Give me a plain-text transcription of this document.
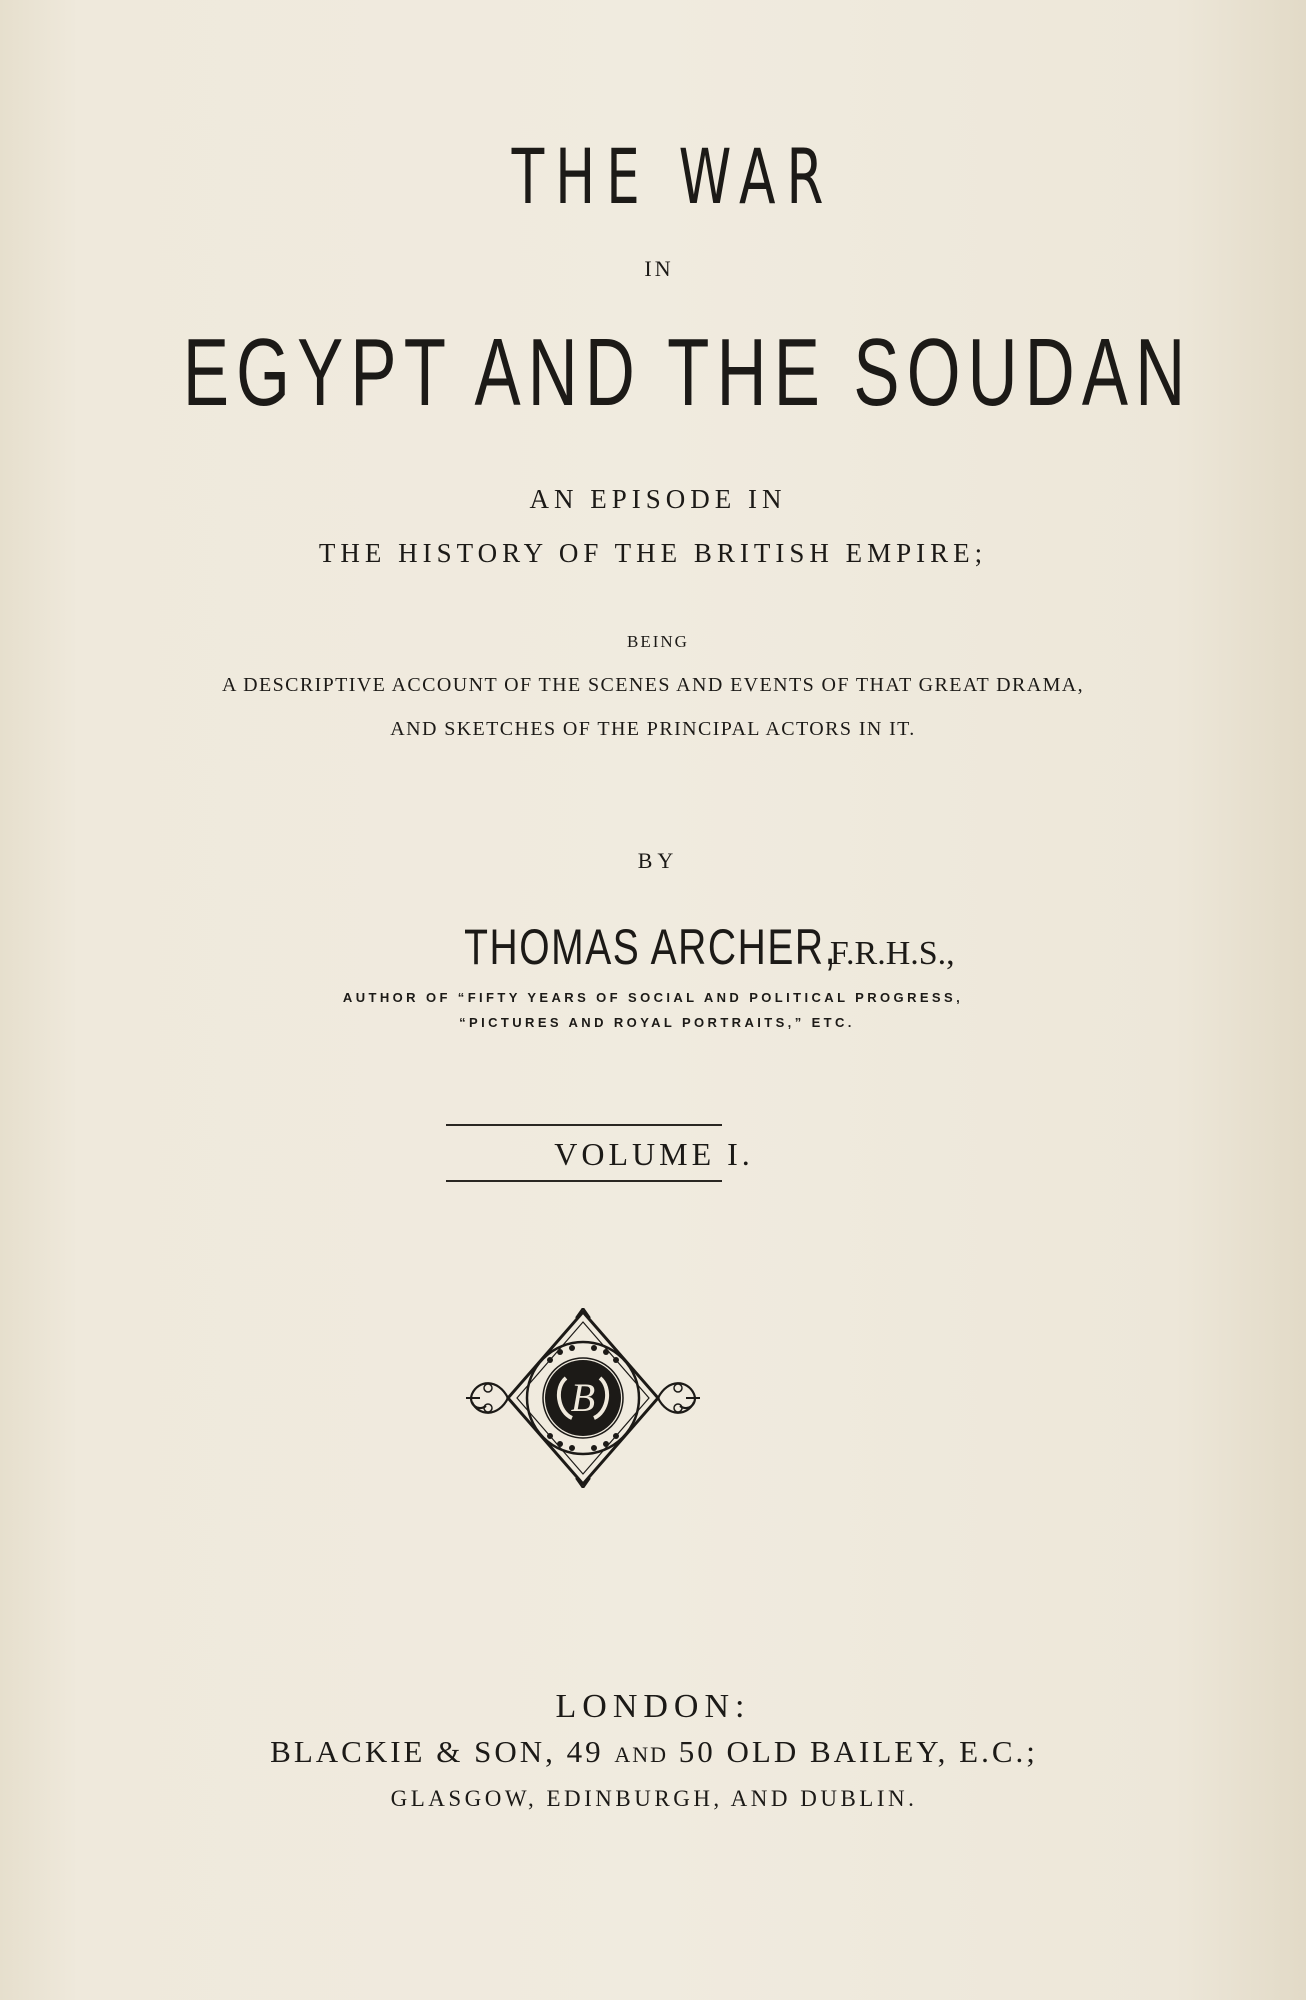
THE WAR
IN
EGYPT AND THE SOUDAN
AN EPISODE IN
THE HISTORY OF THE BRITISH EMPIRE;
BEING
A DESCRIPTIVE ACCOUNT OF THE SCENES AND EVENTS OF THAT GREAT DRAMA,
AND SKETCHES OF THE PRINCIPAL ACTORS IN IT.
BY
THOMAS ARCHER, F.R.H.S.,
AUTHOR OF “FIFTY YEARS OF SOCIAL AND POLITICAL PROGRESS,
“PICTURES AND ROYAL PORTRAITS,” ETC.
VOLUME I.
B
LONDON:
BLACKIE & SON, 49 AND 50 OLD BAILEY, E.C.;
GLASGOW, EDINBURGH, AND DUBLIN.
